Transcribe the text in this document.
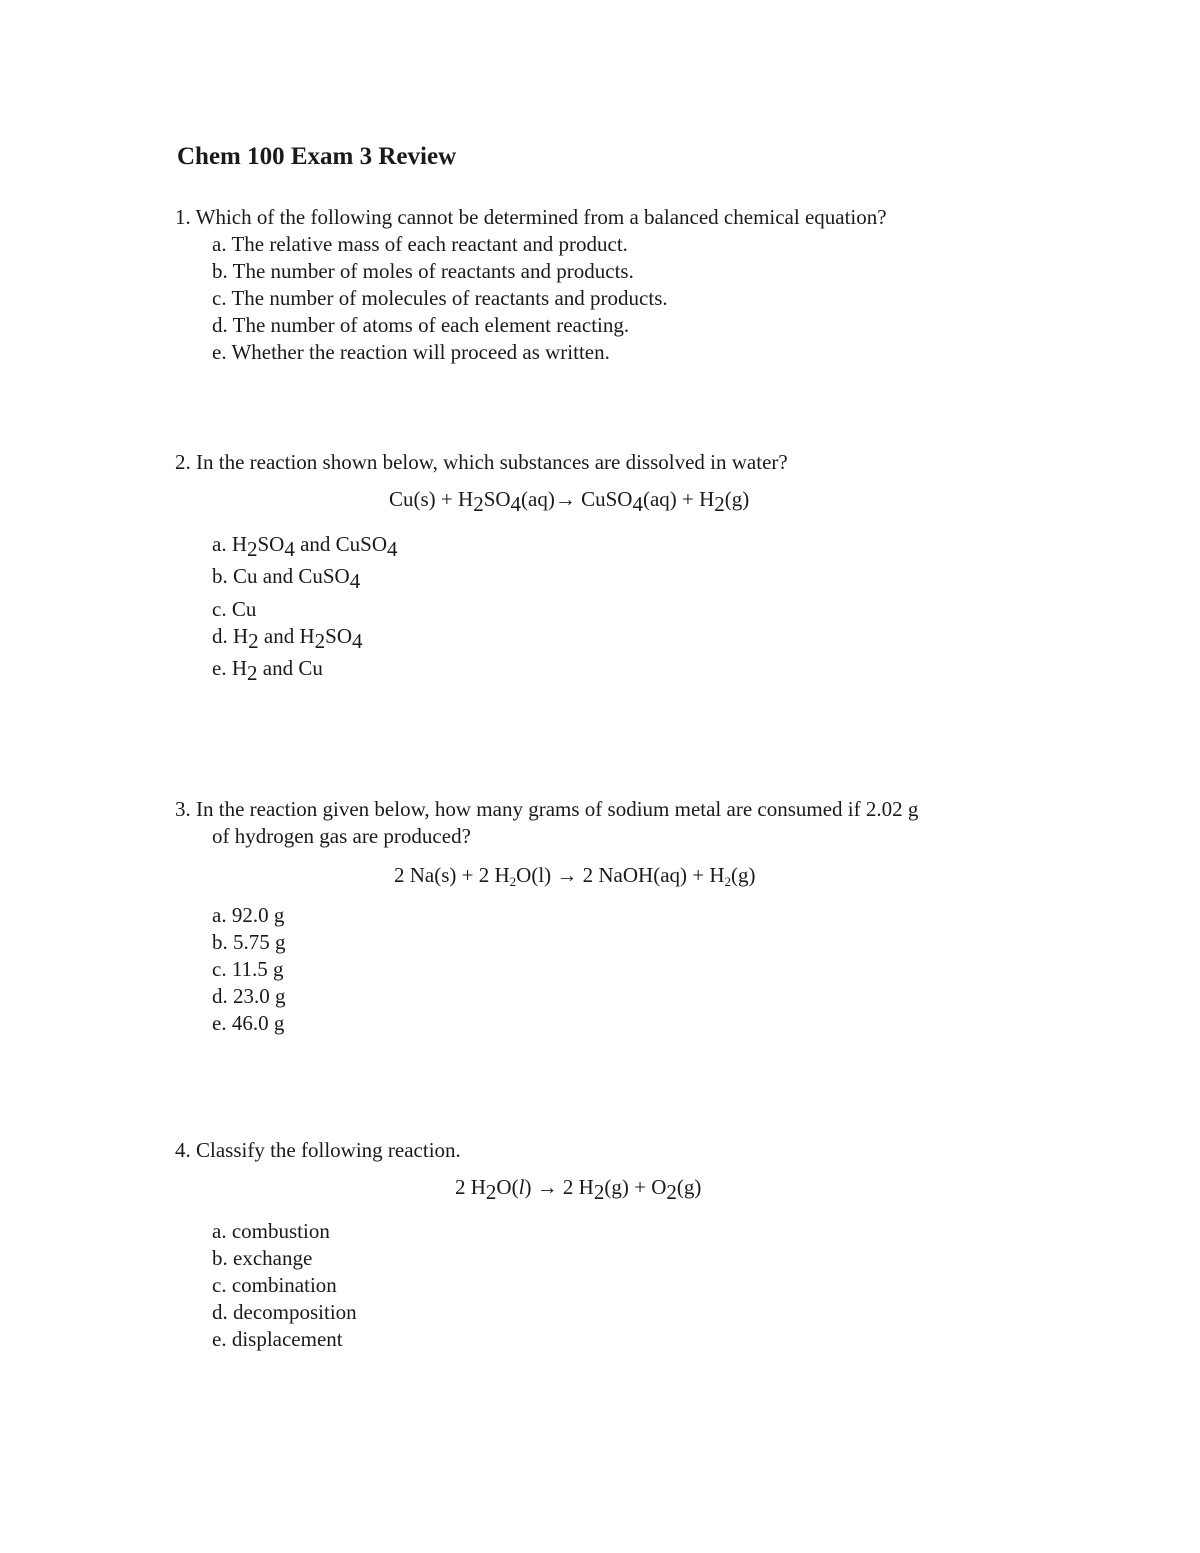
Chem 100 Exam 3 Review
1. Which of the following cannot be determined from a balanced chemical equation?
a. The relative mass of each reactant and product.
b. The number of moles of reactants and products.
c. The number of molecules of reactants and products.
d. The number of atoms of each element reacting.
e. Whether the reaction will proceed as written.
2. In the reaction shown below, which substances are dissolved in water?
Cu(s) + H2SO4(aq)→ CuSO4(aq) + H2(g)
a. H2SO4 and CuSO4
b. Cu and CuSO4
c. Cu
d. H2 and H2SO4
e. H2 and Cu
3. In the reaction given below, how many grams of sodium metal are consumed if 2.02 g
of hydrogen gas are produced?
2 Na(s) + 2 H2O(l) → 2 NaOH(aq) + H2(g)
a. 92.0 g
b. 5.75 g
c. 11.5 g
d. 23.0 g
e. 46.0 g
4. Classify the following reaction.
2 H2O(l) → 2 H2(g) + O2(g)
a. combustion
b. exchange
c. combination
d. decomposition
e. displacement
